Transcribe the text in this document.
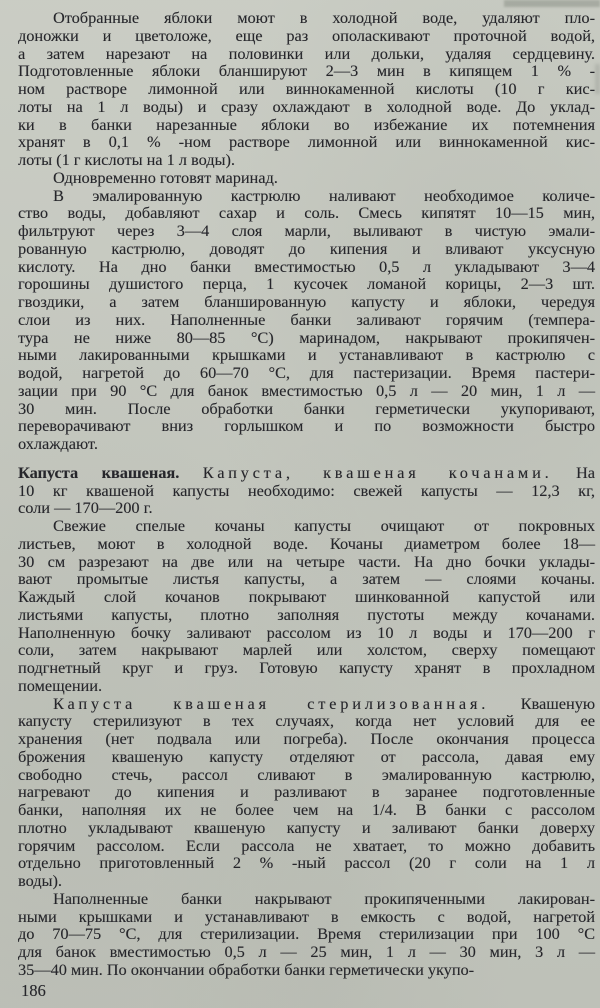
Отобранные яблоки моют в холодной воде, удаляют пло-
доножки и цветоложе, еще раз ополаскивают проточной водой,
а затем нарезают на половинки или дольки, удаляя сердцевину.
Подготовленные яблоки бланшируют 2—3 мин в кипящем 1 % -
ном растворе лимонной или виннокаменной кислоты (10 г кис-
лоты на 1 л воды) и сразу охлаждают в холодной воде. До уклад-
ки в банки нарезанные яблоки во избежание их потемнения
хранят в 0,1 % -ном растворе лимонной или виннокаменной кис-
лоты (1 г кислоты на 1 л воды).
Одновременно готовят маринад.
В эмалированную кастрюлю наливают необходимое количе-
ство воды, добавляют сахар и соль. Смесь кипятят 10—15 мин,
фильтруют через 3—4 слоя марли, выливают в чистую эмали-
рованную кастрюлю, доводят до кипения и вливают уксусную
кислоту. На дно банки вместимостью 0,5 л укладывают 3—4
горошины душистого перца, 1 кусочек ломаной корицы, 2—3 шт.
гвоздики, а затем бланшированную капусту и яблоки, чередуя
слои из них. Наполненные банки заливают горячим (темпера-
тура не ниже 80—85 °С) маринадом, накрывают прокипячен-
ными лакированными крышками и устанавливают в кастрюлю с
водой, нагретой до 60—70 °С, для пастеризации. Время пастери-
зации при 90 °С для банок вместимостью 0,5 л — 20 мин, 1 л —
30 мин. После обработки банки герметически укупоривают,
переворачивают вниз горлышком и по возможности быстро
охлаждают.
Капуста квашеная. Капуста, квашеная кочанами. На
10 кг квашеной капусты необходимо: свежей капусты — 12,3 кг,
соли — 170—200 г.
Свежие спелые кочаны капусты очищают от покровных
листьев, моют в холодной воде. Кочаны диаметром более 18—
30 см разрезают на две или на четыре части. На дно бочки уклады-
вают промытые листья капусты, а затем — слоями кочаны.
Каждый слой кочанов покрывают шинкованной капустой или
листьями капусты, плотно заполняя пустоты между кочанами.
Наполненную бочку заливают рассолом из 10 л воды и 170—200 г
соли, затем накрывают марлей или холстом, сверху помещают
подгнетный круг и груз. Готовую капусту хранят в прохладном
помещении.
Капуста квашеная стерилизованная. Квашеную
капусту стерилизуют в тех случаях, когда нет условий для ее
хранения (нет подвала или погреба). После окончания процесса
брожения квашеную капусту отделяют от рассола, давая ему
свободно стечь, рассол сливают в эмалированную кастрюлю,
нагревают до кипения и разливают в заранее подготовленные
банки, наполняя их не более чем на 1/4. В банки с рассолом
плотно укладывают квашеную капусту и заливают банки доверху
горячим рассолом. Если рассола не хватает, то можно добавить
отдельно приготовленный 2 % -ный рассол (20 г соли на 1 л
воды).
Наполненные банки накрывают прокипяченными лакирован-
ными крышками и устанавливают в емкость с водой, нагретой
до 70—75 °С, для стерилизации. Время стерилизации при 100 °С
для банок вместимостью 0,5 л — 25 мин, 1 л — 30 мин, 3 л —
35—40 мин. По окончании обработки банки герметически укупо-
186
